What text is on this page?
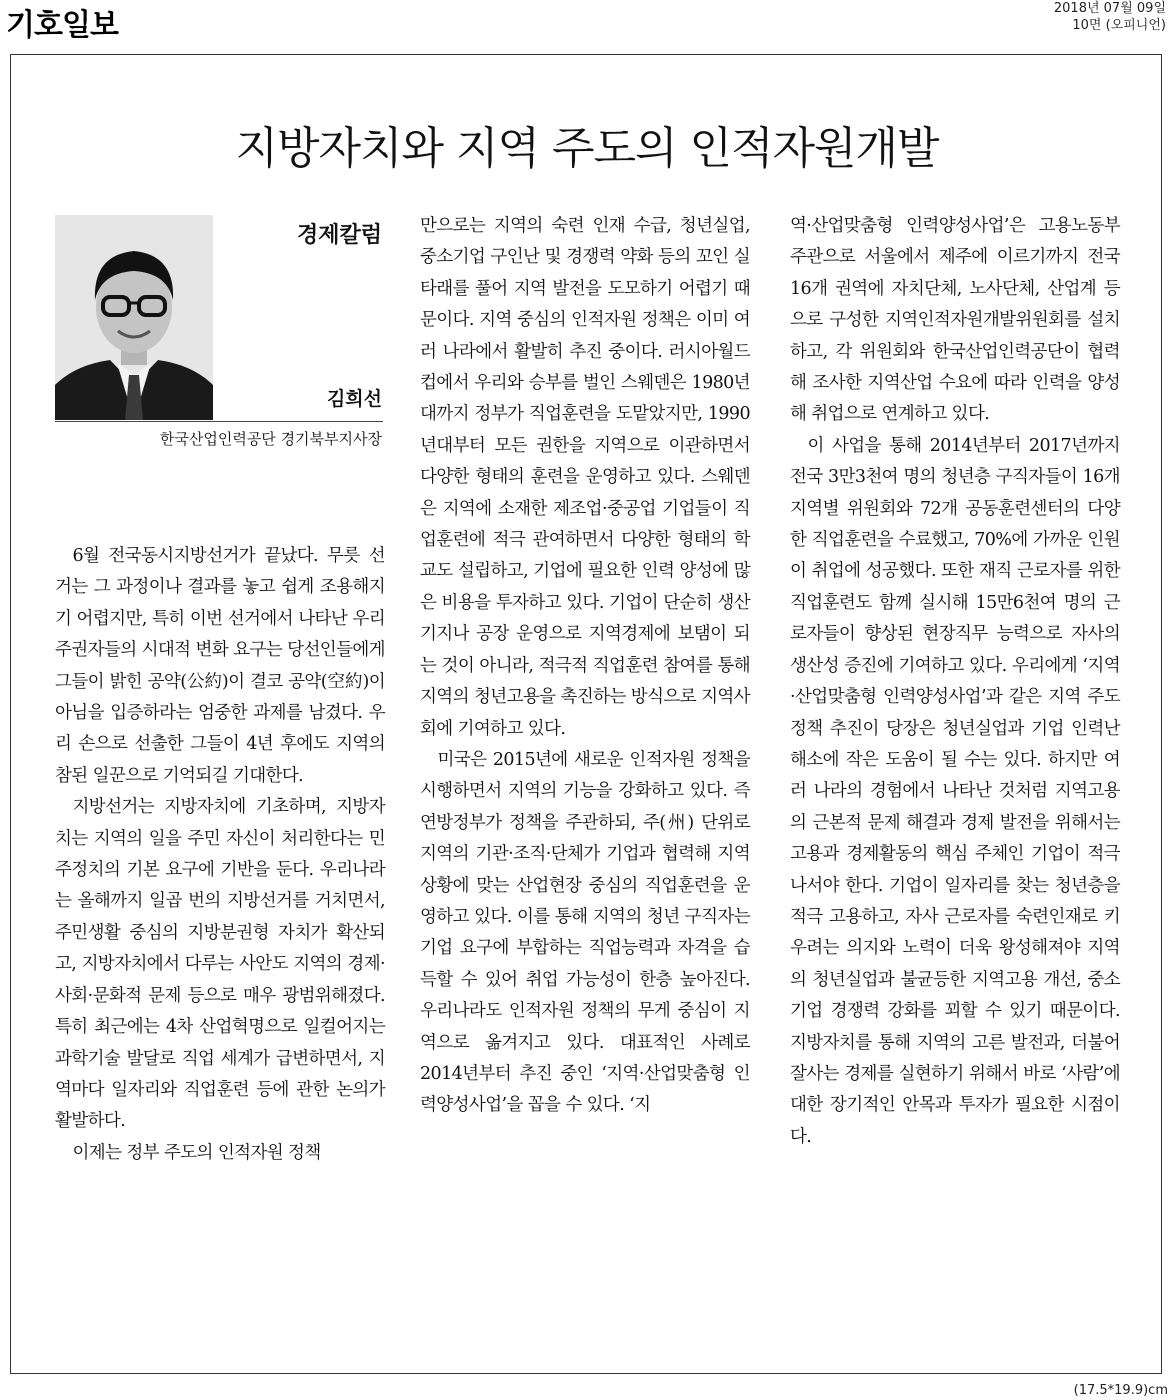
기호일보	2018년 07월 09일
10면 (오피니언)
지방자치와 지역 주도의 인적자원개발
경제칼럼
김희선
한국산업인력공단 경기북부지사장

6월 전국동시지방선거가 끝났다. 무릇 선거는 그 과정이나 결과를 놓고 쉽게 조용해지기 어렵지만, 특히 이번 선거에서 나타난 우리 주권자들의 시대적 변화 요구는 당선인들에게 그들이 밝힌 공약(公約)이 결코 공약(空約)이 아님을 입증하라는 엄중한 과제를 남겼다. 우리 손으로 선출한 그들이 4년 후에도 지역의 참된 일꾼으로 기억되길 기대한다.

지방선거는 지방자치에 기초하며, 지방자치는 지역의 일을 주민 자신이 처리한다는 민주정치의 기본 요구에 기반을 둔다. 우리나라는 올해까지 일곱 번의 지방선거를 거치면서, 주민생활 중심의 지방분권형 자치가 확산되고, 지방자치에서 다루는 사안도 지역의 경제·사회·문화적 문제 등으로 매우 광범위해졌다. 특히 최근에는 4차 산업혁명으로 일컬어지는 과학기술 발달로 직업 세계가 급변하면서, 지역마다 일자리와 직업훈련 등에 관한 논의가 활발하다.

이제는 정부 주도의 인적자원 정책

만으로는 지역의 숙련 인재 수급, 청년실업, 중소기업 구인난 및 경쟁력 약화 등의 꼬인 실타래를 풀어 지역 발전을 도모하기 어렵기 때문이다. 지역 중심의 인적자원 정책은 이미 여러 나라에서 활발히 추진 중이다. 러시아월드컵에서 우리와 승부를 벌인 스웨덴은 1980년대까지 정부가 직업훈련을 도맡았지만, 1990년대부터 모든 권한을 지역으로 이관하면서 다양한 형태의 훈련을 운영하고 있다. 스웨덴은 지역에 소재한 제조업·중공업 기업들이 직업훈련에 적극 관여하면서 다양한 형태의 학교도 설립하고, 기업에 필요한 인력 양성에 많은 비용을 투자하고 있다. 기업이 단순히 생산기지나 공장 운영으로 지역경제에 보탬이 되는 것이 아니라, 적극적 직업훈련 참여를 통해 지역의 청년고용을 촉진하는 방식으로 지역사회에 기여하고 있다.

미국은 2015년에 새로운 인적자원 정책을 시행하면서 지역의 기능을 강화하고 있다. 즉 연방정부가 정책을 주관하되, 주(州) 단위로 지역의 기관·조직·단체가 기업과 협력해 지역 상황에 맞는 산업현장 중심의 직업훈련을 운영하고 있다. 이를 통해 지역의 청년 구직자는 기업 요구에 부합하는 직업능력과 자격을 습득할 수 있어 취업 가능성이 한층 높아진다. 우리나라도 인적자원 정책의 무게 중심이 지역으로 옮겨지고 있다. 대표적인 사례로 2014년부터 추진 중인 ‘지역·산업맞춤형 인력양성사업’을 꼽을 수 있다. ‘지

역·산업맞춤형 인력양성사업’은 고용노동부 주관으로 서울에서 제주에 이르기까지 전국 16개 권역에 자치단체, 노사단체, 산업계 등으로 구성한 지역인적자원개발위원회를 설치하고, 각 위원회와 한국산업인력공단이 협력해 조사한 지역산업 수요에 따라 인력을 양성해 취업으로 연계하고 있다.

이 사업을 통해 2014년부터 2017년까지 전국 3만3천여 명의 청년층 구직자들이 16개 지역별 위원회와 72개 공동훈련센터의 다양한 직업훈련을 수료했고, 70%에 가까운 인원이 취업에 성공했다. 또한 재직 근로자를 위한 직업훈련도 함께 실시해 15만6천여 명의 근로자들이 향상된 현장직무 능력으로 자사의 생산성 증진에 기여하고 있다. 우리에게 ‘지역·산업맞춤형 인력양성사업’과 같은 지역 주도 정책 추진이 당장은 청년실업과 기업 인력난 해소에 작은 도움이 될 수는 있다. 하지만 여러 나라의 경험에서 나타난 것처럼 지역고용의 근본적 문제 해결과 경제 발전을 위해서는 고용과 경제활동의 핵심 주체인 기업이 적극 나서야 한다. 기업이 일자리를 찾는 청년층을 적극 고용하고, 자사 근로자를 숙련인재로 키우려는 의지와 노력이 더욱 왕성해져야 지역의 청년실업과 불균등한 지역고용 개선, 중소기업 경쟁력 강화를 꾀할 수 있기 때문이다. 지방자치를 통해 지역의 고른 발전과, 더불어 잘사는 경제를 실현하기 위해서 바로 ‘사람’에 대한 장기적인 안목과 투자가 필요한 시점이다.

(17.5*19.9)cm
